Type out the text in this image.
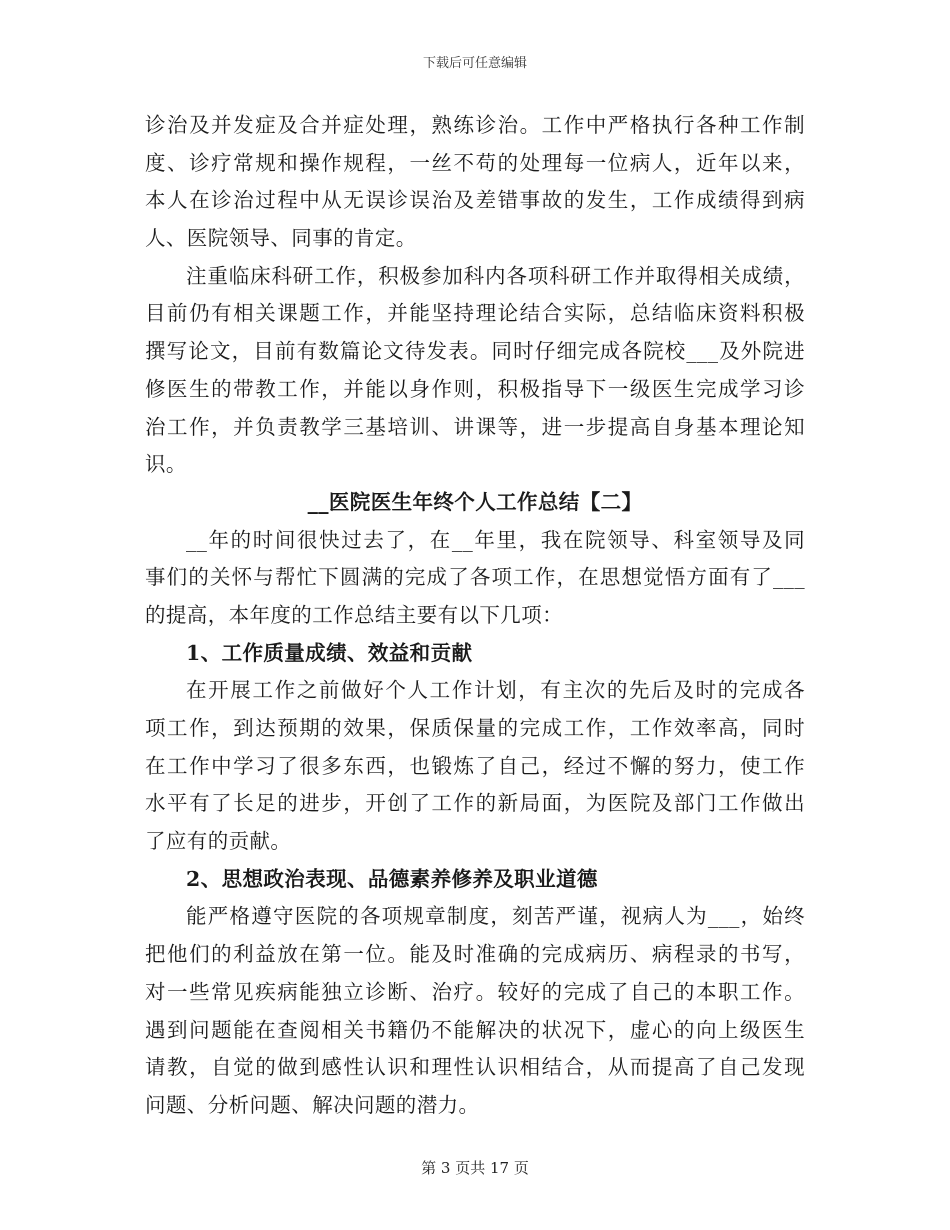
下载后可任意编辑
诊治及并发症及合并症处理，熟练诊治。工作中严格执行各种工作制
度、诊疗常规和操作规程，一丝不苟的处理每一位病人，近年以来，
本人在诊治过程中从无误诊误治及差错事故的发生，工作成绩得到病
人、医院领导、同事的肯定。
注重临床科研工作，积极参加科内各项科研工作并取得相关成绩，
目前仍有相关课题工作，并能坚持理论结合实际，总结临床资料积极
撰写论文，目前有数篇论文待发表。同时仔细完成各院校___及外院进
修医生的带教工作，并能以身作则，积极指导下一级医生完成学习诊
治工作，并负责教学三基培训、讲课等，进一步提高自身基本理论知
识。
__医院医生年终个人工作总结【二】
__年的时间很快过去了，在__年里，我在院领导、科室领导及同
事们的关怀与帮忙下圆满的完成了各项工作，在思想觉悟方面有了___
的提高，本年度的工作总结主要有以下几项：
1、工作质量成绩、效益和贡献
在开展工作之前做好个人工作计划，有主次的先后及时的完成各
项工作，到达预期的效果，保质保量的完成工作，工作效率高，同时
在工作中学习了很多东西，也锻炼了自己，经过不懈的努力，使工作
水平有了长足的进步，开创了工作的新局面，为医院及部门工作做出
了应有的贡献。
2、思想政治表现、品德素养修养及职业道德
能严格遵守医院的各项规章制度，刻苦严谨，视病人为___，始终
把他们的利益放在第一位。能及时准确的完成病历、病程录的书写，
对一些常见疾病能独立诊断、治疗。较好的完成了自己的本职工作。
遇到问题能在查阅相关书籍仍不能解决的状况下，虚心的向上级医生
请教，自觉的做到感性认识和理性认识相结合，从而提高了自己发现
问题、分析问题、解决问题的潜力。
第 3 页共 17 页
